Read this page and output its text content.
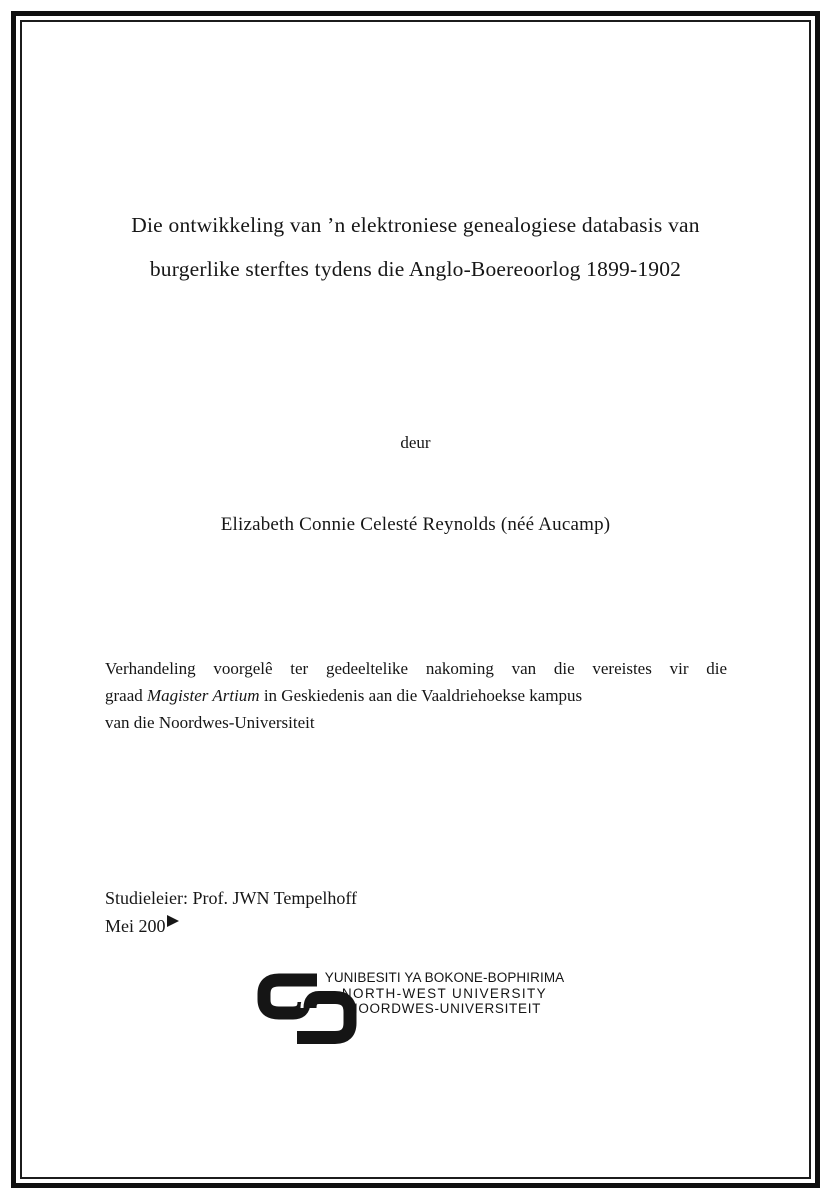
Die ontwikkeling van ’n elektroniese genealogiese databasis van
burgerlike sterftes tydens die Anglo-Boereoorlog 1899-1902
deur
Elizabeth Connie Celesté Reynolds (néé Aucamp)
Verhandeling voorgelê ter gedeeltelike nakoming van die vereistes vir die
graad Magister Artium in Geskiedenis aan die Vaaldriehoekse kampus
van die Noordwes-Universiteit
Studieleier: Prof. JWN Tempelhoff
Mei 200
YUNIBESITI YA BOKONE-BOPHIRIMA
NORTH-WEST UNIVERSITY
NOORDWES-UNIVERSITEIT
